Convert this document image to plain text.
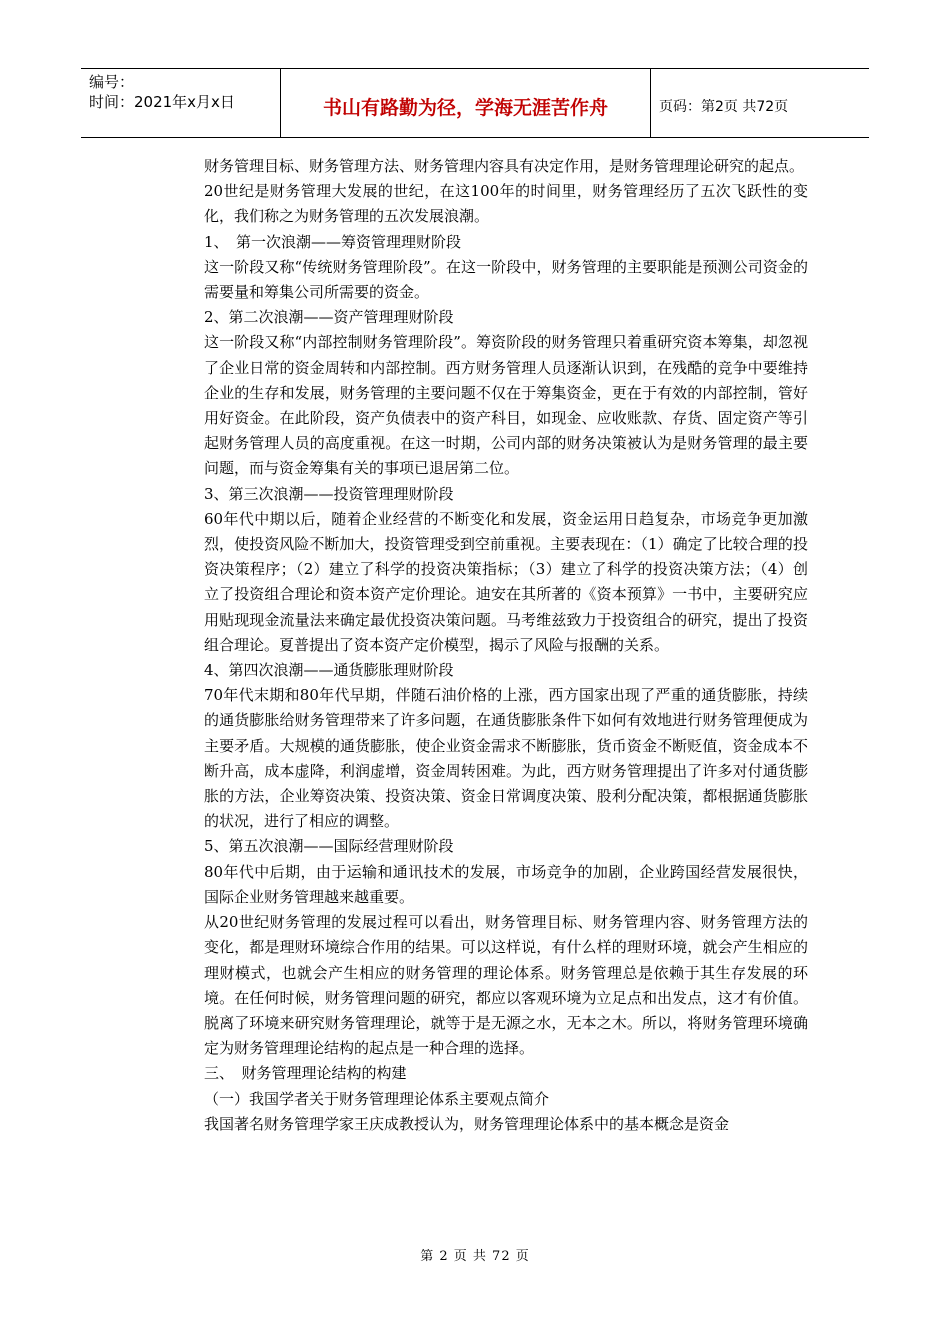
编号：
时间：2021年x月x日	书山有路勤为径，学海无涯苦作舟	页码：第2页 共72页

财务管理目标、财务管理方法、财务管理内容具有决定作用，是财务管理理论研究的起点。

20世纪是财务管理大发展的世纪，在这100年的时间里，财务管理经历了五次飞跃性的变化，我们称之为财务管理的五次发展浪潮。

1、　第一次浪潮——筹资管理理财阶段

这一阶段又称“传统财务管理阶段”。在这一阶段中，财务管理的主要职能是预测公司资金的需要量和筹集公司所需要的资金。

2、第二次浪潮——资产管理理财阶段

这一阶段又称“内部控制财务管理阶段”。筹资阶段的财务管理只着重研究资本筹集，却忽视了企业日常的资金周转和内部控制。西方财务管理人员逐渐认识到，在残酷的竞争中要维持企业的生存和发展，财务管理的主要问题不仅在于筹集资金，更在于有效的内部控制，管好用好资金。在此阶段，资产负债表中的资产科目，如现金、应收账款、存货、固定资产等引起财务管理人员的高度重视。在这一时期，公司内部的财务决策被认为是财务管理的最主要问题，而与资金筹集有关的事项已退居第二位。

3、第三次浪潮——投资管理理财阶段

60年代中期以后，随着企业经营的不断变化和发展，资金运用日趋复杂，市场竞争更加激烈，使投资风险不断加大，投资管理受到空前重视。主要表现在：（1）确定了比较合理的投资决策程序；（2）建立了科学的投资决策指标；（3）建立了科学的投资决策方法；（4）创立了投资组合理论和资本资产定价理论。迪安在其所著的《资本预算》一书中，主要研究应用贴现现金流量法来确定最优投资决策问题。马考维兹致力于投资组合的研究，提出了投资组合理论。夏普提出了资本资产定价模型，揭示了风险与报酬的关系。

4、第四次浪潮——通货膨胀理财阶段

70年代末期和80年代早期，伴随石油价格的上涨，西方国家出现了严重的通货膨胀，持续的通货膨胀给财务管理带来了许多问题，在通货膨胀条件下如何有效地进行财务管理便成为主要矛盾。大规模的通货膨胀，使企业资金需求不断膨胀，货币资金不断贬值，资金成本不断升高，成本虚降，利润虚增，资金周转困难。为此，西方财务管理提出了许多对付通货膨胀的方法，企业筹资决策、投资决策、资金日常调度决策、股利分配决策，都根据通货膨胀的状况，进行了相应的调整。

5、第五次浪潮——国际经营理财阶段

80年代中后期，由于运输和通讯技术的发展，市场竞争的加剧，企业跨国经营发展很快，国际企业财务管理越来越重要。

从20世纪财务管理的发展过程可以看出，财务管理目标、财务管理内容、财务管理方法的变化，都是理财环境综合作用的结果。可以这样说，有什么样的理财环境，就会产生相应的理财模式，也就会产生相应的财务管理的理论体系。财务管理总是依赖于其生存发展的环境。在任何时候，财务管理问题的研究，都应以客观环境为立足点和出发点，这才有价值。脱离了环境来研究财务管理理论，就等于是无源之水，无本之木。所以，将财务管理环境确定为财务管理理论结构的起点是一种合理的选择。

三、　财务管理理论结构的构建

（一）我国学者关于财务管理理论体系主要观点简介

我国著名财务管理学家王庆成教授认为，财务管理理论体系中的基本概念是资金

第 2 页 共 72 页
